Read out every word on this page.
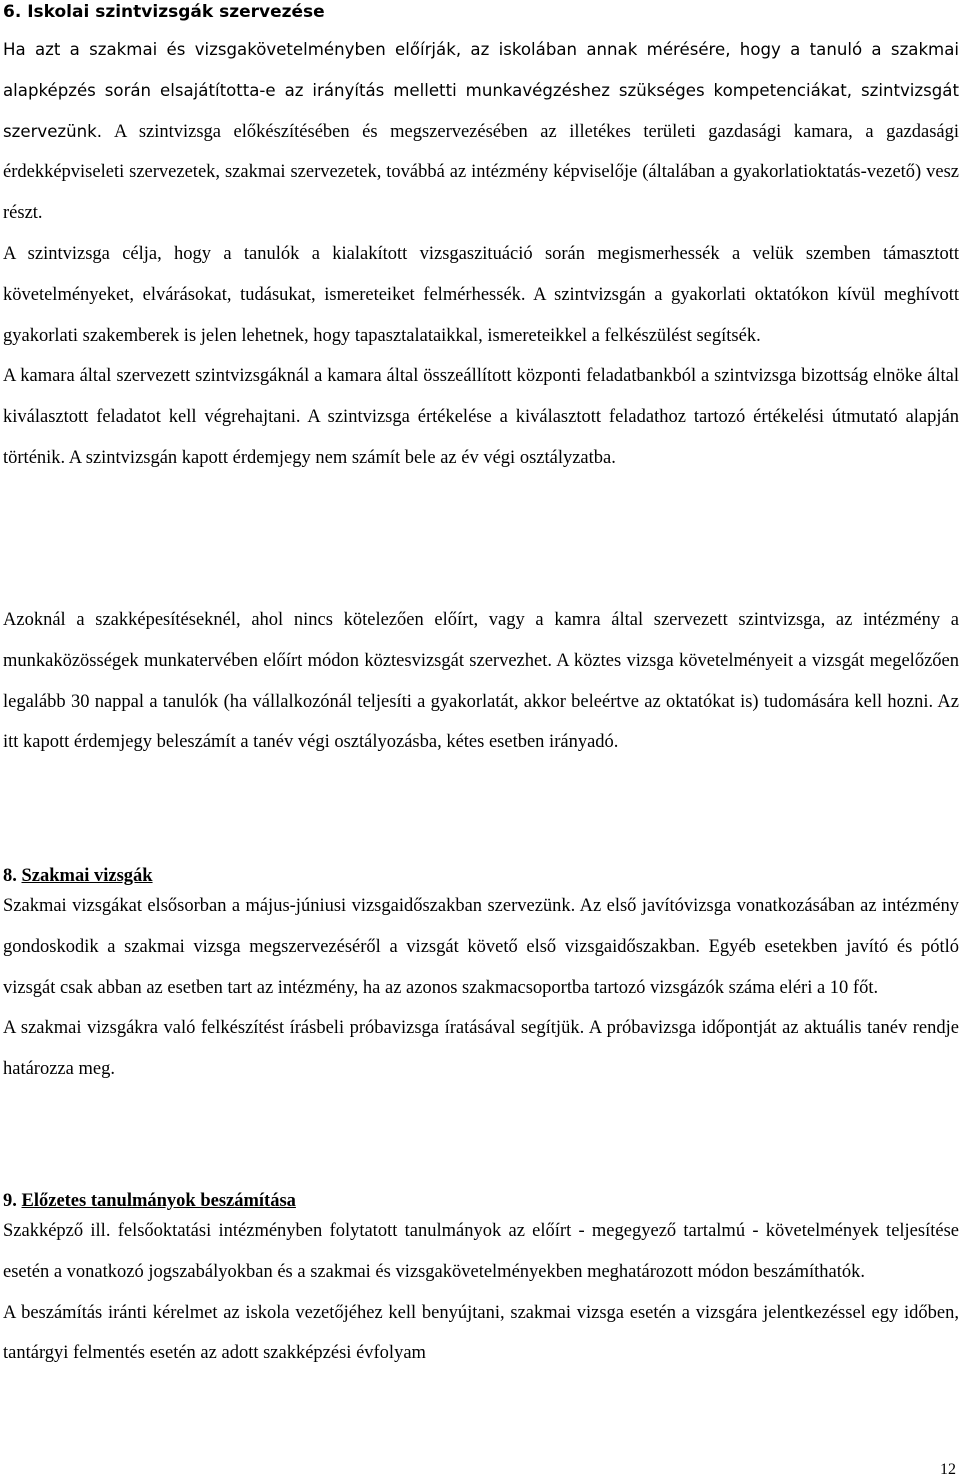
6. Iskolai szintvizsgák szervezése

Ha azt a szakmai és vizsgakövetelményben előírják, az iskolában annak mérésére, hogy a tanuló a szakmai alapképzés során elsajátította-e az irányítás melletti munkavégzéshez szükséges kompetenciákat, szintvizsgát szervezünk. A szintvizsga előkészítésében és megszervezésében az illetékes területi gazdasági kamara, a gazdasági érdekképviseleti szervezetek, szakmai szervezetek, továbbá az intézmény képviselője (általában a gyakorlatioktatás-vezető) vesz részt.

A szintvizsga célja, hogy a tanulók a kialakított vizsgaszituáció során megismerhessék a velük szemben támasztott követelményeket, elvárásokat, tudásukat, ismereteiket felmérhessék. A szintvizsgán a gyakorlati oktatókon kívül meghívott gyakorlati szakemberek is jelen lehetnek, hogy tapasztalataikkal, ismereteikkel a felkészülést segítsék.

A kamara által szervezett szintvizsgáknál a kamara által összeállított központi feladatbankból a szintvizsga bizottság elnöke által kiválasztott feladatot kell végrehajtani. A szintvizsga értékelése a kiválasztott feladathoz tartozó értékelési útmutató alapján történik. A szintvizsgán kapott érdemjegy nem számít bele az év végi osztályzatba.

Azoknál a szakképesítéseknél, ahol nincs kötelezően előírt, vagy a kamra által szervezett szintvizsga, az intézmény a munkaközösségek munkatervében előírt módon köztesvizsgát szervezhet. A köztes vizsga követelményeit a vizsgát megelőzően legalább 30 nappal a tanulók (ha vállalkozónál teljesíti a gyakorlatát, akkor beleértve az oktatókat is) tudomására kell hozni. Az itt kapott érdemjegy beleszámít a tanév végi osztályozásba, kétes esetben irányadó.

8. Szakmai vizsgák

Szakmai vizsgákat elsősorban a május-júniusi vizsgaidőszakban szervezünk. Az első javítóvizsga vonatkozásában az intézmény gondoskodik a szakmai vizsga megszervezéséről a vizsgát követő első vizsgaidőszakban. Egyéb esetekben javító és pótló vizsgát csak abban az esetben tart az intézmény, ha az azonos szakmacsoportba tartozó vizsgázók száma eléri a 10 főt.

A szakmai vizsgákra való felkészítést írásbeli próbavizsga íratásával segítjük. A próbavizsga időpontját az aktuális tanév rendje határozza meg.

9. Előzetes tanulmányok beszámítása

Szakképző ill. felsőoktatási intézményben folytatott tanulmányok az előírt - megegyező tartalmú - követelmények teljesítése esetén a vonatkozó jogszabályokban és a szakmai és vizsgakövetelményekben meghatározott módon beszámíthatók.

A beszámítás iránti kérelmet az iskola vezetőjéhez kell benyújtani, szakmai vizsga esetén a vizsgára jelentkezéssel egy időben, tantárgyi felmentés esetén az adott szakképzési évfolyam

12
